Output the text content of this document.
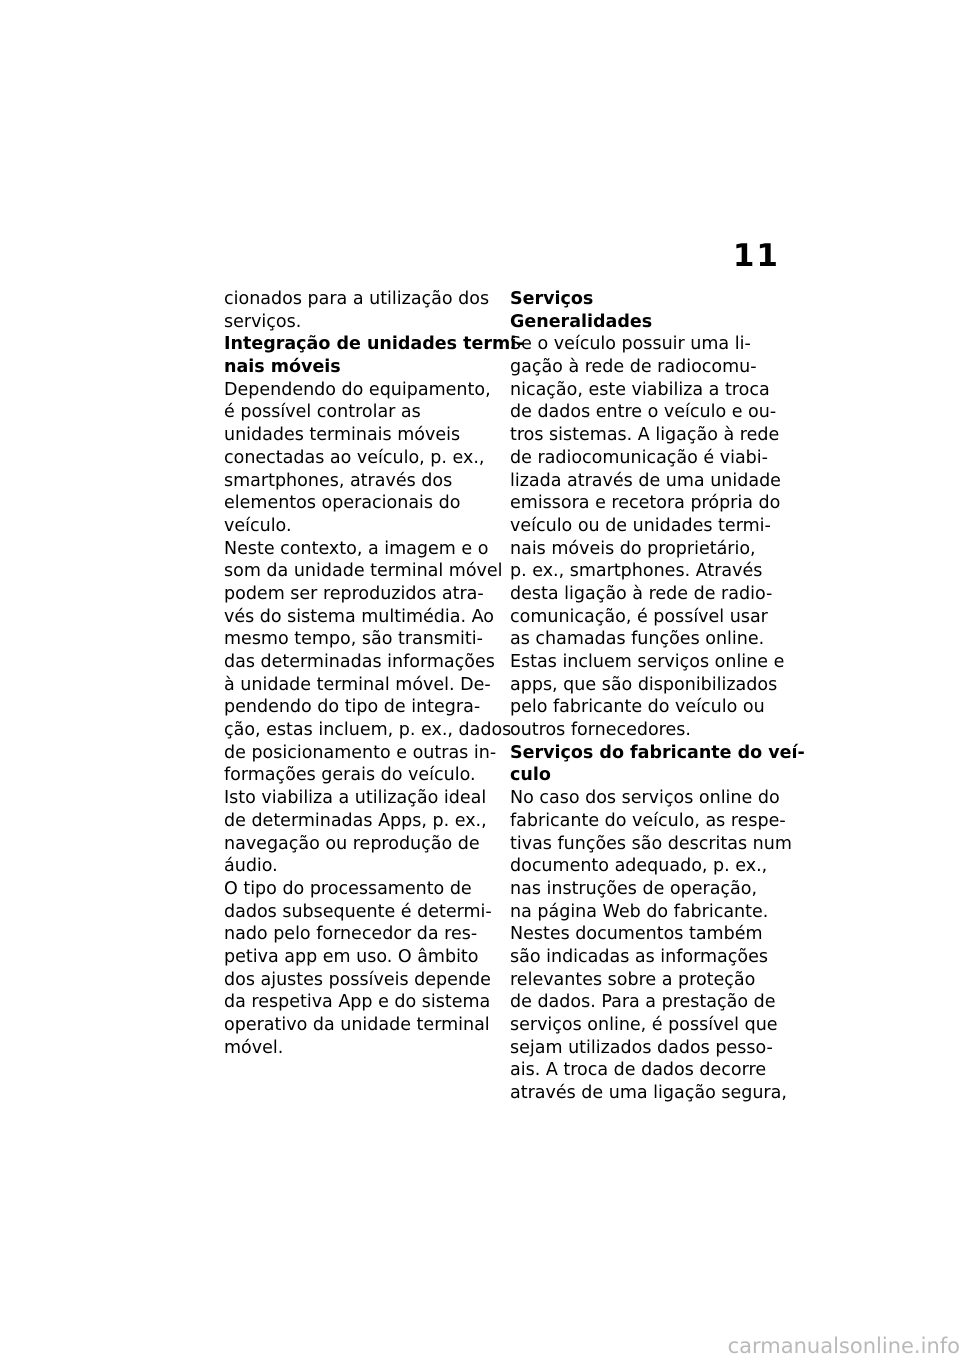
11
cionados para a utilização dos
serviços.
Integração de unidades termi-
nais móveis
Dependendo do equipamento,
é possível controlar as
unidades terminais móveis
conectadas ao veículo, p. ex.,
smartphones, através dos
elementos operacionais do
veículo.
Neste contexto, a imagem e o
som da unidade terminal móvel
podem ser reproduzidos atra-
vés do sistema multimédia. Ao
mesmo tempo, são transmiti-
das determinadas informações
à unidade terminal móvel. De-
pendendo do tipo de integra-
ção, estas incluem, p. ex., dados
de posicionamento e outras in-
formações gerais do veículo.
Isto viabiliza a utilização ideal
de determinadas Apps, p. ex.,
navegação ou reprodução de
áudio.
O tipo do processamento de
dados subsequente é determi-
nado pelo fornecedor da res-
petiva app em uso. O âmbito
dos ajustes possíveis depende
da respetiva App e do sistema
operativo da unidade terminal
móvel.
Serviços
Generalidades
Se o veículo possuir uma li-
gação à rede de radiocomu-
nicação, este viabiliza a troca
de dados entre o veículo e ou-
tros sistemas. A ligação à rede
de radiocomunicação é viabi-
lizada através de uma unidade
emissora e recetora própria do
veículo ou de unidades termi-
nais móveis do proprietário,
p. ex., smartphones. Através
desta ligação à rede de radio-
comunicação, é possível usar
as chamadas funções online.
Estas incluem serviços online e
apps, que são disponibilizados
pelo fabricante do veículo ou
outros fornecedores.
Serviços do fabricante do veí-
culo
No caso dos serviços online do
fabricante do veículo, as respe-
tivas funções são descritas num
documento adequado, p. ex.,
nas instruções de operação,
na página Web do fabricante.
Nestes documentos também
são indicadas as informações
relevantes sobre a proteção
de dados. Para a prestação de
serviços online, é possível que
sejam utilizados dados pesso-
ais. A troca de dados decorre
através de uma ligação segura,
carmanualsonline.info
